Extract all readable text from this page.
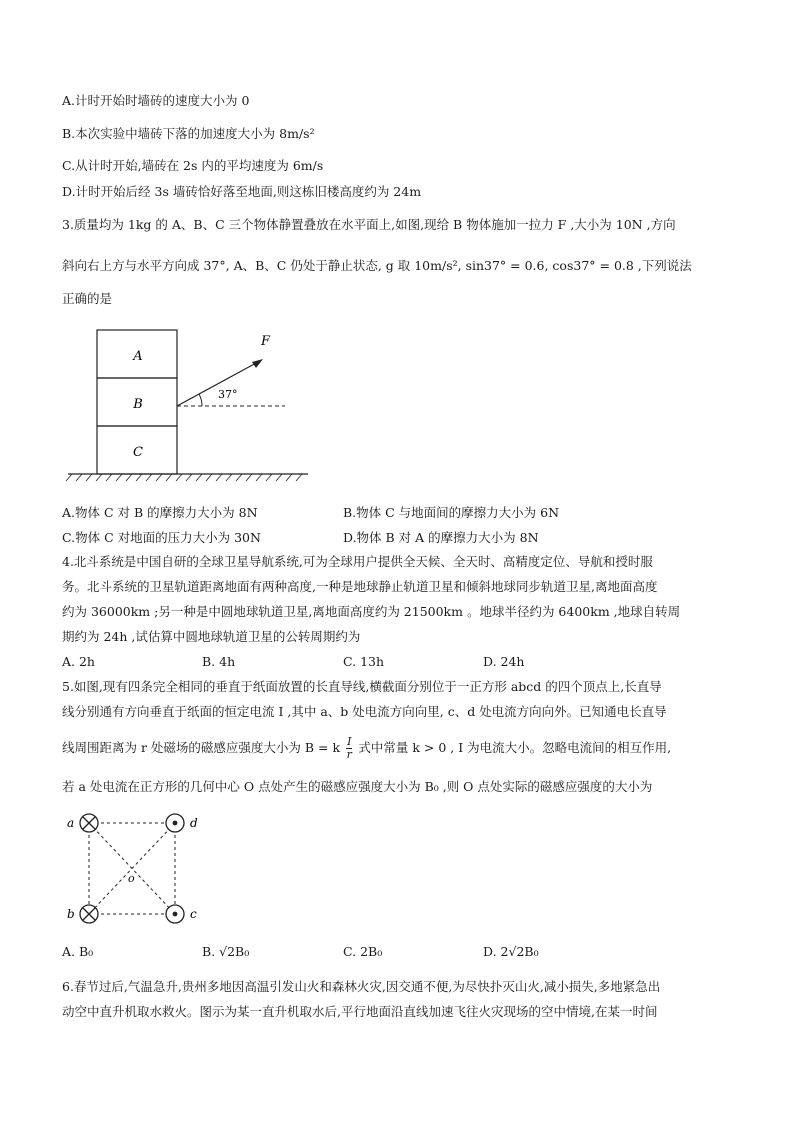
A.计时开始时墙砖的速度大小为 0
B.本次实验中墙砖下落的加速度大小为 8m/s²
C.从计时开始,墙砖在 2s 内的平均速度为 6m/s
D.计时开始后经 3s 墙砖恰好落至地面,则这栋旧楼高度约为 24m
3.质量均为 1kg 的 A、B、C 三个物体静置叠放在水平面上,如图,现给 B 物体施加一拉力 F ,大小为 10N ,方向
斜向右上方与水平方向成 37°, A、B、C 仍处于静止状态, g 取 10m/s², sin37° = 0.6, cos37° = 0.8 ,下列说法
正确的是
A
B
C
F
37°
A.物体 C 对 B 的摩擦力大小为 8N	B.物体 C 与地面间的摩擦力大小为 6N
C.物体 C 对地面的压力大小为 30N	D.物体 B 对 A 的摩擦力大小为 8N
4.北斗系统是中国自研的全球卫星导航系统,可为全球用户提供全天候、全天时、高精度定位、导航和授时服
务。北斗系统的卫星轨道距离地面有两种高度,一种是地球静止轨道卫星和倾斜地球同步轨道卫星,离地面高度
约为 36000km ;另一种是中圆地球轨道卫星,离地面高度约为 21500km 。地球半径约为 6400km ,地球自转周
期约为 24h ,试估算中圆地球轨道卫星的公转周期约为
A. 2h	B. 4h	C. 13h	D. 24h
5.如图,现有四条完全相同的垂直于纸面放置的长直导线,横截面分别位于一正方形 abcd 的四个顶点上,长直导
线分别通有方向垂直于纸面的恒定电流 I ,其中 a、b 处电流方向向里, c、d 处电流方向向外。已知通电长直导
线周围距离为 r 处磁场的磁感应强度大小为 B = k $\frac{I}{r}$ 式中常量 k > 0 , I 为电流大小。忽略电流间的相互作用,
若 a 处电流在正方形的几何中心 O 点处产生的磁感应强度大小为 B₀ ,则 O 点处实际的磁感应强度的大小为
a	d
b	c
o
A. B₀	B. √2B₀	C. 2B₀	D. 2√2B₀
6.春节过后,气温急升,贵州多地因高温引发山火和森林火灾,因交通不便,为尽快扑灭山火,减小损失,多地紧急出
动空中直升机取水救火。图示为某一直升机取水后,平行地面沿直线加速飞往火灾现场的空中情境,在某一时间
